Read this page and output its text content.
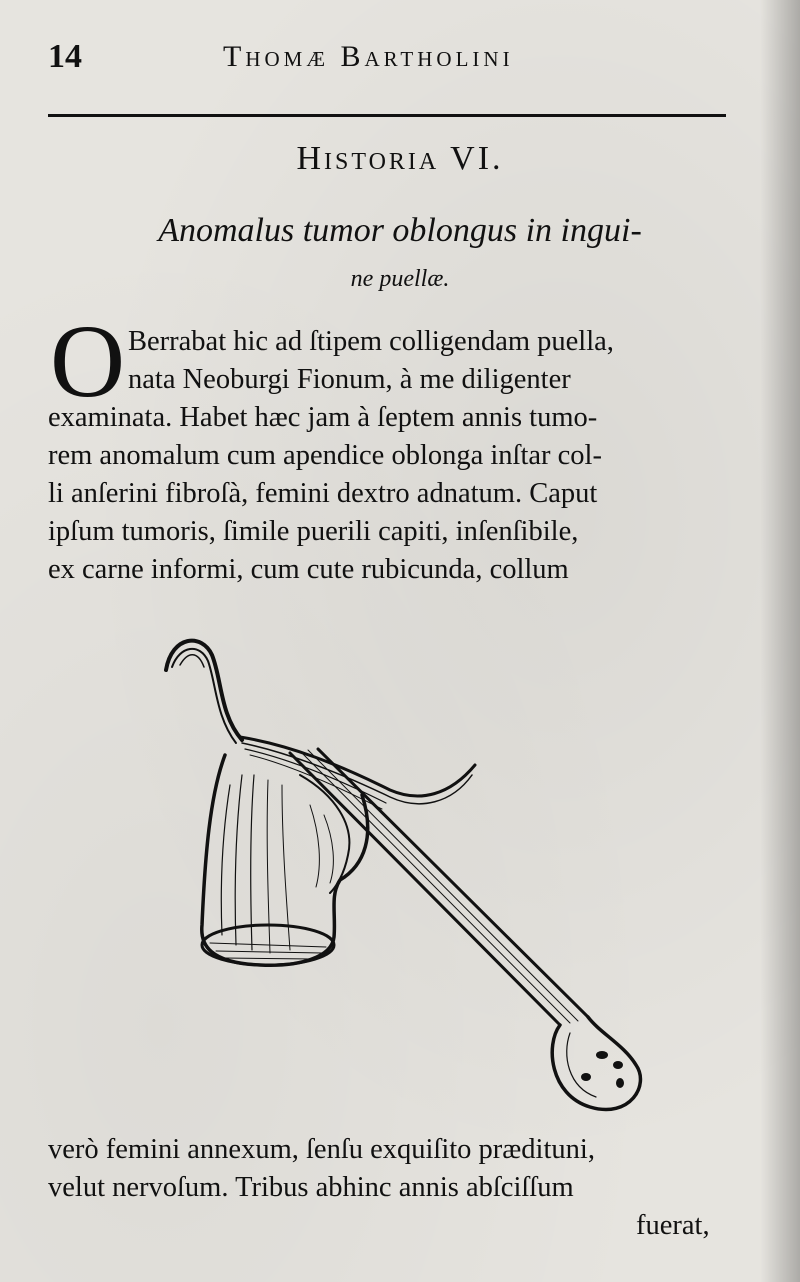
14	Thomæ Bartholini
Historia VI.
Anomalus tumor oblongus in ingui-
ne puellæ.
O Berrabat hic ad ſtipem colligendam puella,
nata Neoburgi Fionum, à me diligenter
examinata. Habet hæc jam à ſeptem annis tumo-
rem anomalum cum apendice oblonga inſtar col-
li anſerini fibroſà, femini dextro adnatum. Caput
ipſum tumoris, ſimile puerili capiti, inſenſibile,
ex carne informi, cum cute rubicunda, collum
verò femini annexum, ſenſu exquiſito prædituni,
velut nervoſum. Tribus abhinc annis abſciſſum
fuerat,
